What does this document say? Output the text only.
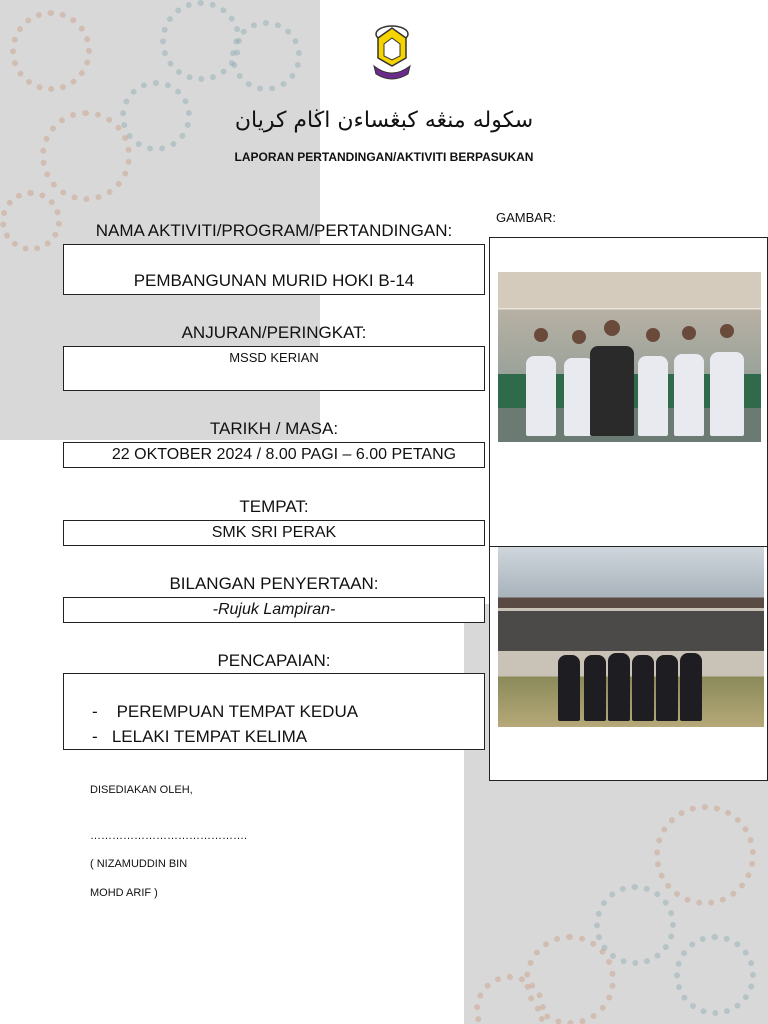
سکوله منڠه کبڠساءن اڬام کريان
LAPORAN PERTANDINGAN/AKTIVITI BERPASUKAN
NAMA AKTIVITI/PROGRAM/PERTANDINGAN:
PEMBANGUNAN MURID HOKI B-14
ANJURAN/PERINGKAT:
MSSD KERIAN
TARIKH / MASA:
22 OKTOBER 2024 / 8.00 PAGI – 6.00 PETANG
TEMPAT:
SMK SRI PERAK
BILANGAN PENYERTAAN:
-Rujuk Lampiran-
PENCAPAIAN:
-    PEREMPUAN TEMPAT KEDUA
-   LELAKI TEMPAT KELIMA
GAMBAR:
DISEDIAKAN OLEH,
…………………………………….
( NIZAMUDDIN BIN
MOHD ARIF )
